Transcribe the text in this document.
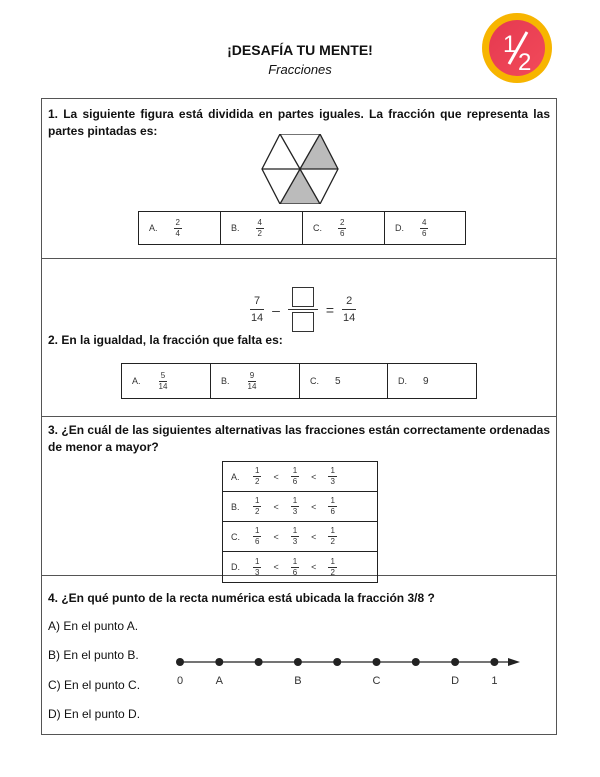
1
2
¡DESAFÍA TU MENTE!
Fracciones
1. La siguiente figura está dividida en partes iguales. La fracción que representa las partes pintadas es:
A. $\frac{2}{4}$	B. $\frac{4}{2}$	C. $\frac{2}{6}$	D. $\frac{4}{6}$
$\frac{7}{14}$ –	= $\frac{2}{14}$
2. En la igualdad, la fracción que falta es:
A. $\frac{5}{14}$	B. $\frac{9}{14}$	C. 5	D. 9
3. ¿En cuál de las siguientes alternativas las fracciones están correctamente ordenadas de menor a mayor?
A.	$\frac{1}{2} < \frac{1}{6} < \frac{1}{3}$
B.	$\frac{1}{2} < \frac{1}{3} < \frac{1}{6}$
C.	$\frac{1}{6} < \frac{1}{3} < \frac{1}{2}$
D.	$\frac{1}{3} < \frac{1}{6} < \frac{1}{2}$
4. ¿En qué punto de la recta numérica está ubicada la fracción 3/8 ?
A) En el punto A.
B) En el punto B.
C) En el punto C.
D) En el punto D.
0	A	B	C	D	1
